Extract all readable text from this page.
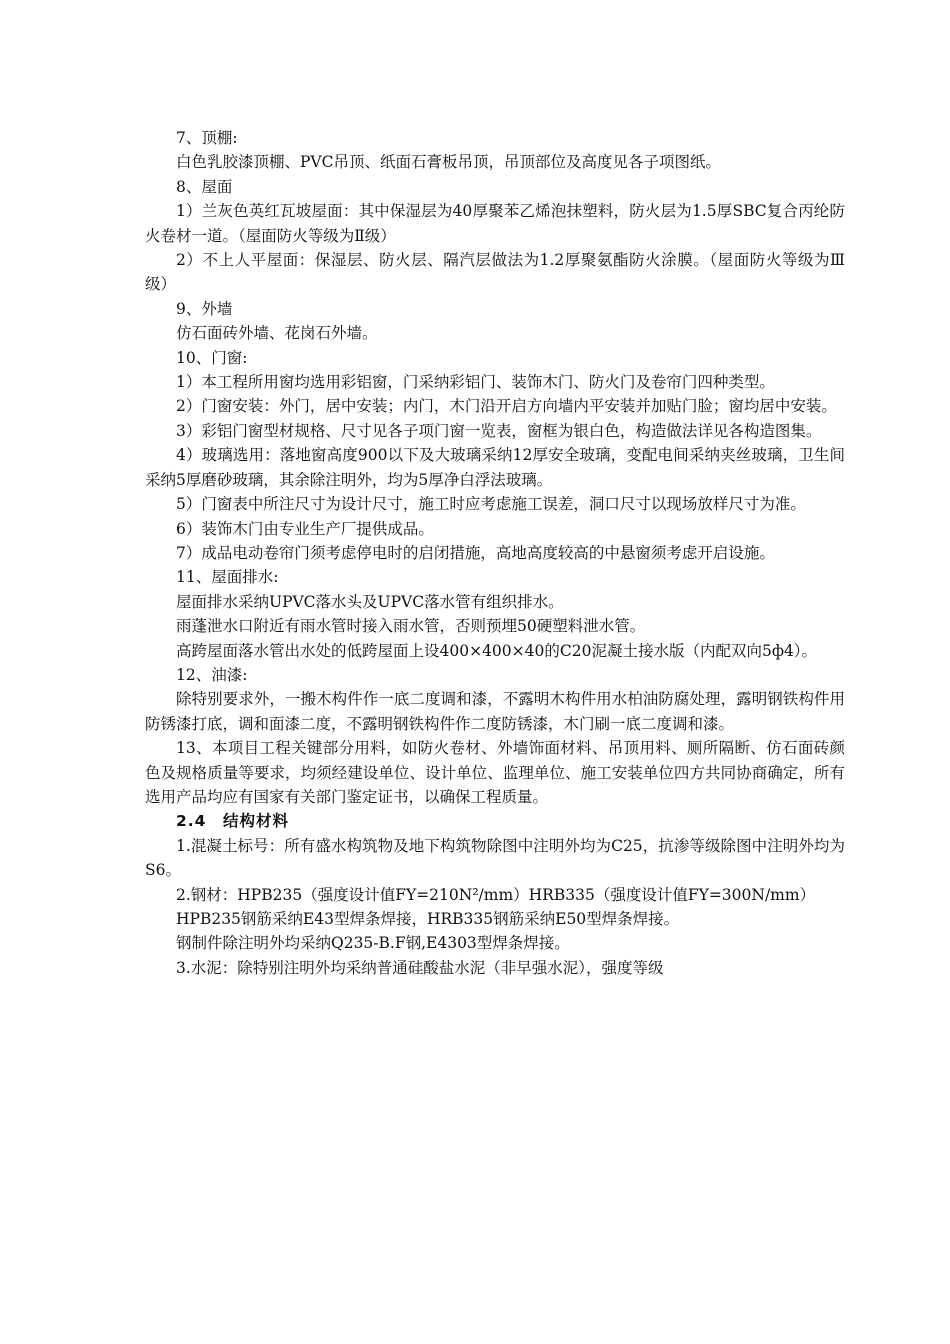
7、顶棚:

白色乳胶漆顶棚、PVC吊顶、纸面石膏板吊顶，吊顶部位及高度见各子项图纸。

8、屋面

1）兰灰色英红瓦坡屋面：其中保湿层为40厚聚苯乙烯泡抹塑料，防火层为1.5厚SBC复合丙纶防火卷材一道。（屋面防火等级为Ⅱ级）

2）不上人平屋面：保湿层、防火层、隔汽层做法为1.2厚聚氨酯防火涂膜。（屋面防火等级为Ⅲ级）

9、外墙

仿石面砖外墙、花岗石外墙。

10、门窗:

1）本工程所用窗均选用彩铝窗，门采纳彩铝门、装饰木门、防火门及卷帘门四种类型。

2）门窗安装：外门，居中安装；内门，木门沿开启方向墙内平安装并加贴门脸；窗均居中安装。

3）彩铝门窗型材规格、尺寸见各子项门窗一览表，窗框为银白色，构造做法详见各构造图集。

4）玻璃选用：落地窗高度900以下及大玻璃采纳12厚安全玻璃，变配电间采纳夹丝玻璃，卫生间采纳5厚磨砂玻璃，其余除注明外，均为5厚净白浮法玻璃。

5）门窗表中所注尺寸为设计尺寸，施工时应考虑施工误差，洞口尺寸以现场放样尺寸为准。

6）装饰木门由专业生产厂提供成品。

7）成品电动卷帘门须考虑停电时的启闭措施，高地高度较高的中悬窗须考虑开启设施。

11、屋面排水:

屋面排水采纳UPVC落水头及UPVC落水管有组织排水。

雨蓬泄水口附近有雨水管时接入雨水管，否则预埋50硬塑料泄水管。

高跨屋面落水管出水处的低跨屋面上设400×400×40的C20泥凝土接水版（内配双向5ф4）。

12、油漆:

除特别要求外，一搬木构件作一底二度调和漆，不露明木构件用水柏油防腐处理，露明钢铁构件用防锈漆打底，调和面漆二度，不露明钢铁构件作二度防锈漆，木门刷一底二度调和漆。

13、本项目工程关键部分用料，如防火卷材、外墙饰面材料、吊顶用料、厕所隔断、仿石面砖颜色及规格质量等要求，均须经建设单位、设计单位、监理单位、施工安装单位四方共同协商确定，所有选用产品均应有国家有关部门鉴定证书，以确保工程质量。

2.4　结构材料

1.混凝土标号：所有盛水构筑物及地下构筑物除图中注明外均为C25，抗渗等级除图中注明外均为S6。

2.钢材：HPB235（强度设计值FY=210N²/mm）HRB335（强度设计值FY=300N/mm）

HPB235钢筋采纳E43型焊条焊接，HRB335钢筋采纳E50型焊条焊接。

钢制件除注明外均采纳Q235-B.F钢,E4303型焊条焊接。

3.水泥：除特别注明外均采纳普通硅酸盐水泥（非早强水泥），强度等级
